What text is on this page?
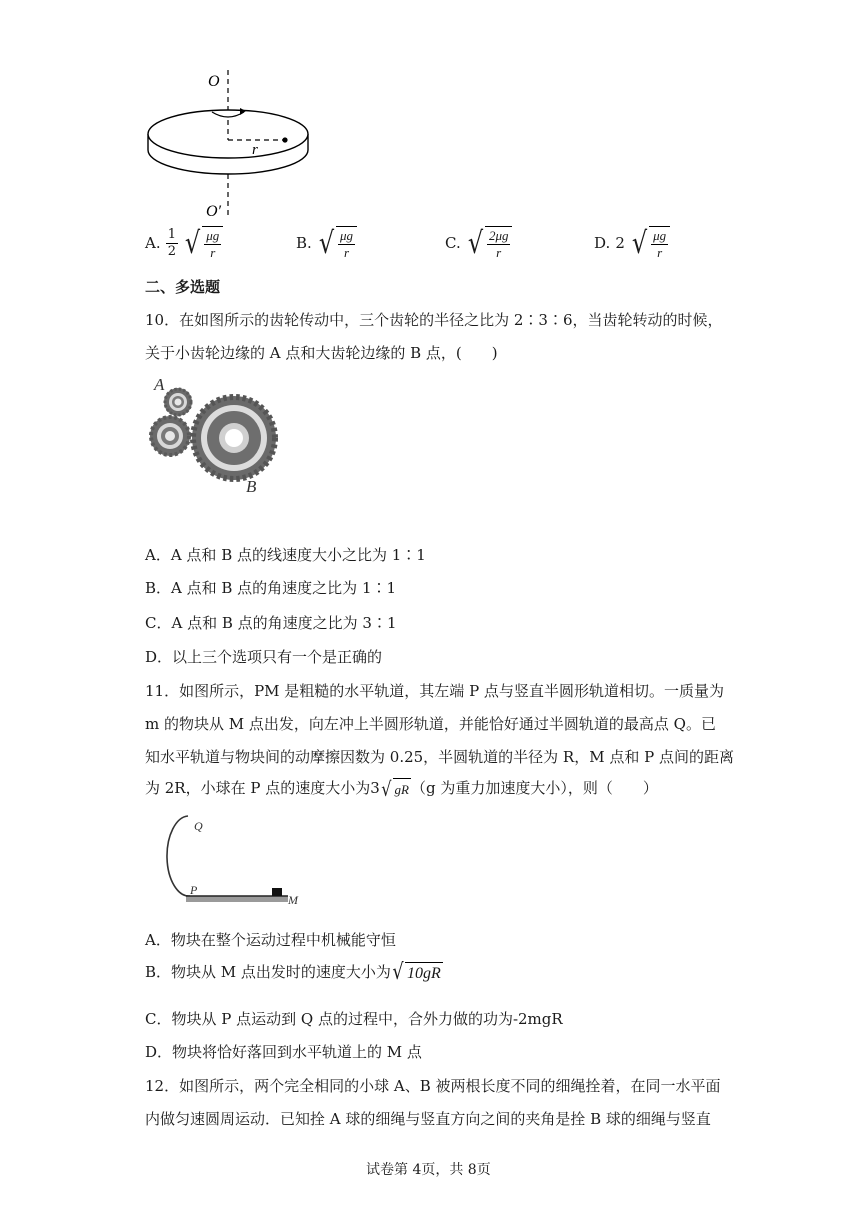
O
r
O′
A. $\frac{1}{2}$
√ $\frac{\mu g}{r}$	B. √ $\frac{\mu g}{r}$	C. √ $\frac{2\mu g}{r}$	D. 2 √ $\frac{\mu g}{r}$
二、多选题
10．在如图所示的齿轮传动中，三个齿轮的半径之比为 2∶3∶6，当齿轮转动的时候，
关于小齿轮边缘的 A 点和大齿轮边缘的 B 点，(　　)
A
B
A．A 点和 B 点的线速度大小之比为 1∶1
B．A 点和 B 点的角速度之比为 1∶1
C．A 点和 B 点的角速度之比为 3∶1
D．以上三个选项只有一个是正确的
11．如图所示，PM 是粗糙的水平轨道，其左端 P 点与竖直半圆形轨道相切。一质量为
m 的物块从 M 点出发，向左冲上半圆形轨道，并能恰好通过半圆轨道的最高点 Q。已
知水平轨道与物块间的动摩擦因数为 0.25，半圆轨道的半径为 R，M 点和 P 点间的距离
为 2R，小球在 P 点的速度大小为3 √ gR （g 为重力加速度大小），则（　　）
Q
P
M
A．物块在整个运动过程中机械能守恒
B．物块从 M 点出发时的速度大小为 √ 10gR
C．物块从 P 点运动到 Q 点的过程中，合外力做的功为-2mgR
D．物块将恰好落回到水平轨道上的 M 点
12．如图所示，两个完全相同的小球 A、B 被两根长度不同的细绳拴着，在同一水平面
内做匀速圆周运动．已知拴 A 球的细绳与竖直方向之间的夹角是拴 B 球的细绳与竖直
试卷第 4页，共 8页
